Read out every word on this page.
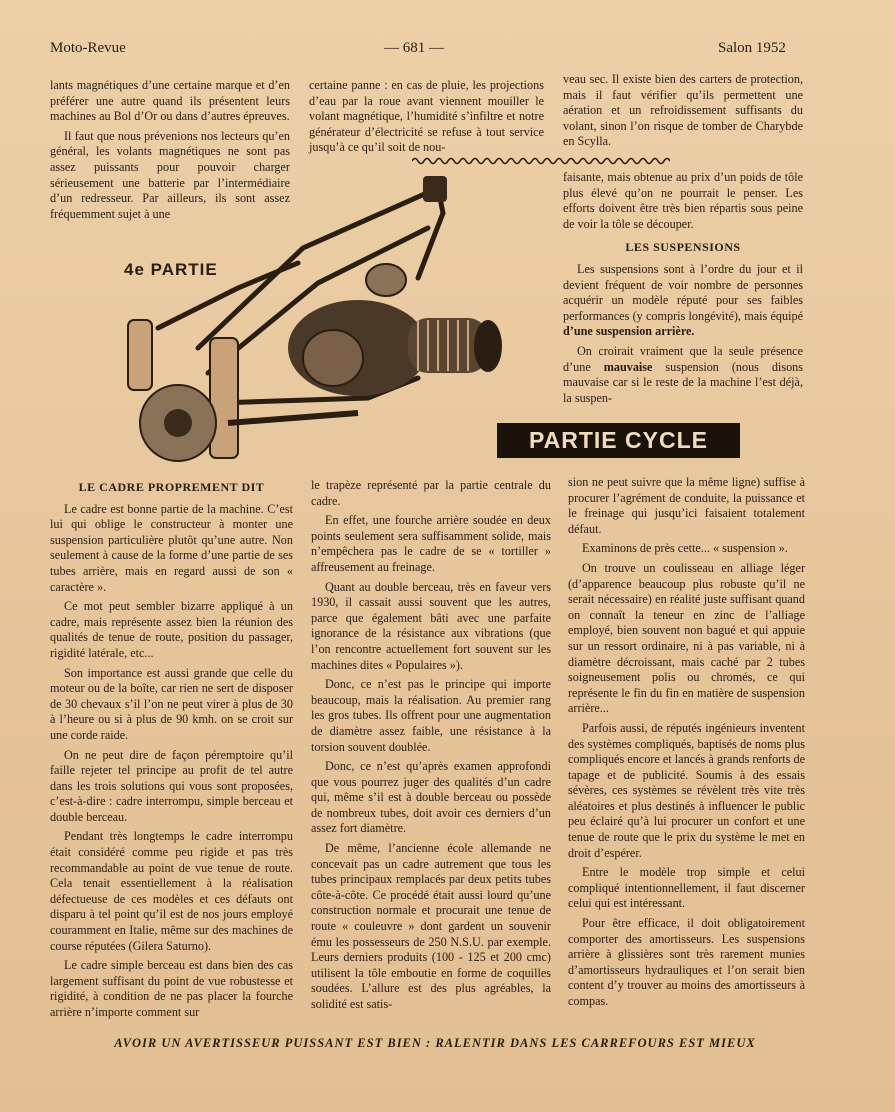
Moto-Revue	— 681 —	Salon 1952

lants magnétiques d’une certaine marque et d’en préférer une autre quand ils présentent leurs machines au Bol d’Or ou dans d’autres épreuves.

Il faut que nous prévenions nos lecteurs qu’en général, les volants magnétiques ne sont pas assez puissants pour pouvoir charger sérieusement une batterie par l’intermédiaire d’un redresseur. Par ailleurs, ils sont assez fréquemment sujet à une

certaine panne : en cas de pluie, les projections d’eau par la roue avant viennent mouiller le volant magnétique, l’humidité s’infiltre et notre générateur d’électricité se refuse à tout service jusqu’à ce qu’il soit de nou-

veau sec. Il existe bien des carters de protection, mais il faut vérifier qu’ils permettent une aération et un refroidissement suffisants du volant, sinon l’on risque de tomber de Charybde en Scylla.

faisante, mais obtenue au prix d’un poids de tôle plus élevé qu’on ne pourrait le penser. Les efforts doivent être très bien répartis sous peine de voir la tôle se découper.

LES SUSPENSIONS

Les suspensions sont à l’ordre du jour et il devient fréquent de voir nombre de personnes acquérir un modèle réputé pour ses faibles performances (y compris longévité), mais équipé d’une suspension arrière.

On croirait vraiment que la seule présence d’une mauvaise suspension (nous disons mauvaise car si le reste de la machine l’est déjà, la suspen-

4e PARTIE
PARTIE CYCLE
LE CADRE PROPREMENT DIT

Le cadre est bonne partie de la machine. C’est lui qui oblige le constructeur à monter une suspension particulière plutôt qu’une autre. Non seulement à cause de la forme d’une partie de ses tubes arrière, mais en regard aussi de son « caractère ».

Ce mot peut sembler bizarre appliqué à un cadre, mais représente assez bien la réunion des qualités de tenue de route, position du passager, rigidité latérale, etc...

Son importance est aussi grande que celle du moteur ou de la boîte, car rien ne sert de disposer de 30 chevaux s’il l’on ne peut virer à plus de 30 à l’heure ou si à plus de 90 kmh. on se croit sur une corde raide.

On ne peut dire de façon péremptoire qu’il faille rejeter tel principe au profit de tel autre dans les trois solutions qui vous sont proposées, c’est-à-dire : cadre interrompu, simple berceau et double berceau.

Pendant très longtemps le cadre interrompu était considéré comme peu rigide et pas très recommandable au point de vue tenue de route. Cela tenait essentiellement à la réalisation défectueuse de ces modèles et ces défauts ont disparu à tel point qu’il est de nos jours employé couramment en Italie, même sur des machines de course réputées (Gilera Saturno).

Le cadre simple berceau est dans bien des cas largement suffisant du point de vue robustesse et rigidité, à condition de ne pas placer la fourche arrière n’importe comment sur

le trapèze représenté par la partie centrale du cadre.

En effet, une fourche arrière soudée en deux points seulement sera suffisamment solide, mais n’empêchera pas le cadre de se « tortiller » affreusement au freinage.

Quant au double berceau, très en faveur vers 1930, il cassait aussi souvent que les autres, parce que également bâti avec une parfaite ignorance de la résistance aux vibrations (que l’on rencontre actuellement fort souvent sur les machines dites « Populaires »).

Donc, ce n’est pas le principe qui importe beaucoup, mais la réalisation. Au premier rang les gros tubes. Ils offrent pour une augmentation de diamètre assez faible, une résistance à la torsion souvent doublée.

Donc, ce n’est qu’après examen approfondi que vous pourrez juger des qualités d’un cadre qui, même s’il est à double berceau ou possède de nombreux tubes, doit avoir ces derniers d’un assez fort diamètre.

De même, l’ancienne école allemande ne concevait pas un cadre autrement que tous les tubes principaux remplacés par deux petits tubes côte-à-côte. Ce procédé était aussi lourd qu’une construction normale et procurait une tenue de route « couleuvre » dont gardent un souvenir ému les possesseurs de 250 N.S.U. par exemple. Leurs derniers produits (100 - 125 et 200 cmc) utilisent la tôle emboutie en forme de coquilles soudées. L’allure est des plus agréables, la solidité est satis-

sion ne peut suivre que la même ligne) suffise à procurer l’agrément de conduite, la puissance et le freinage qui jusqu’ici faisaient totalement défaut.

Examinons de près cette... « suspension ».

On trouve un coulisseau en alliage léger (d’apparence beaucoup plus robuste qu’il ne serait nécessaire) en réalité juste suffisant quand on connaît la teneur en zinc de l’alliage employé, bien souvent non bagué et qui appuie sur un ressort ordinaire, ni à pas variable, ni à diamètre décroissant, mais caché par 2 tubes soigneusement polis ou chromés, ce qui représente le fin du fin en matière de suspension arrière...

Parfois aussi, de réputés ingénieurs inventent des systèmes compliqués, baptisés de noms plus compliqués encore et lancés à grands renforts de tapage et de publicité. Soumis à des essais sévères, ces systèmes se révèlent très vite très aléatoires et plus destinés à influencer le public peu éclairé qu’à lui procurer un confort et une tenue de route que le prix du système le met en droit d’espérer.

Entre le modèle trop simple et celui compliqué intentionnellement, il faut discerner celui qui est intéressant.

Pour être efficace, il doit obligatoirement comporter des amortisseurs. Les suspensions arrière à glissières sont très rarement munies d’amortisseurs hydrauliques et l’on serait bien content d’y trouver au moins des amortisseurs à compas.

AVOIR UN AVERTISSEUR PUISSANT EST BIEN : RALENTIR DANS LES CARREFOURS EST MIEUX
